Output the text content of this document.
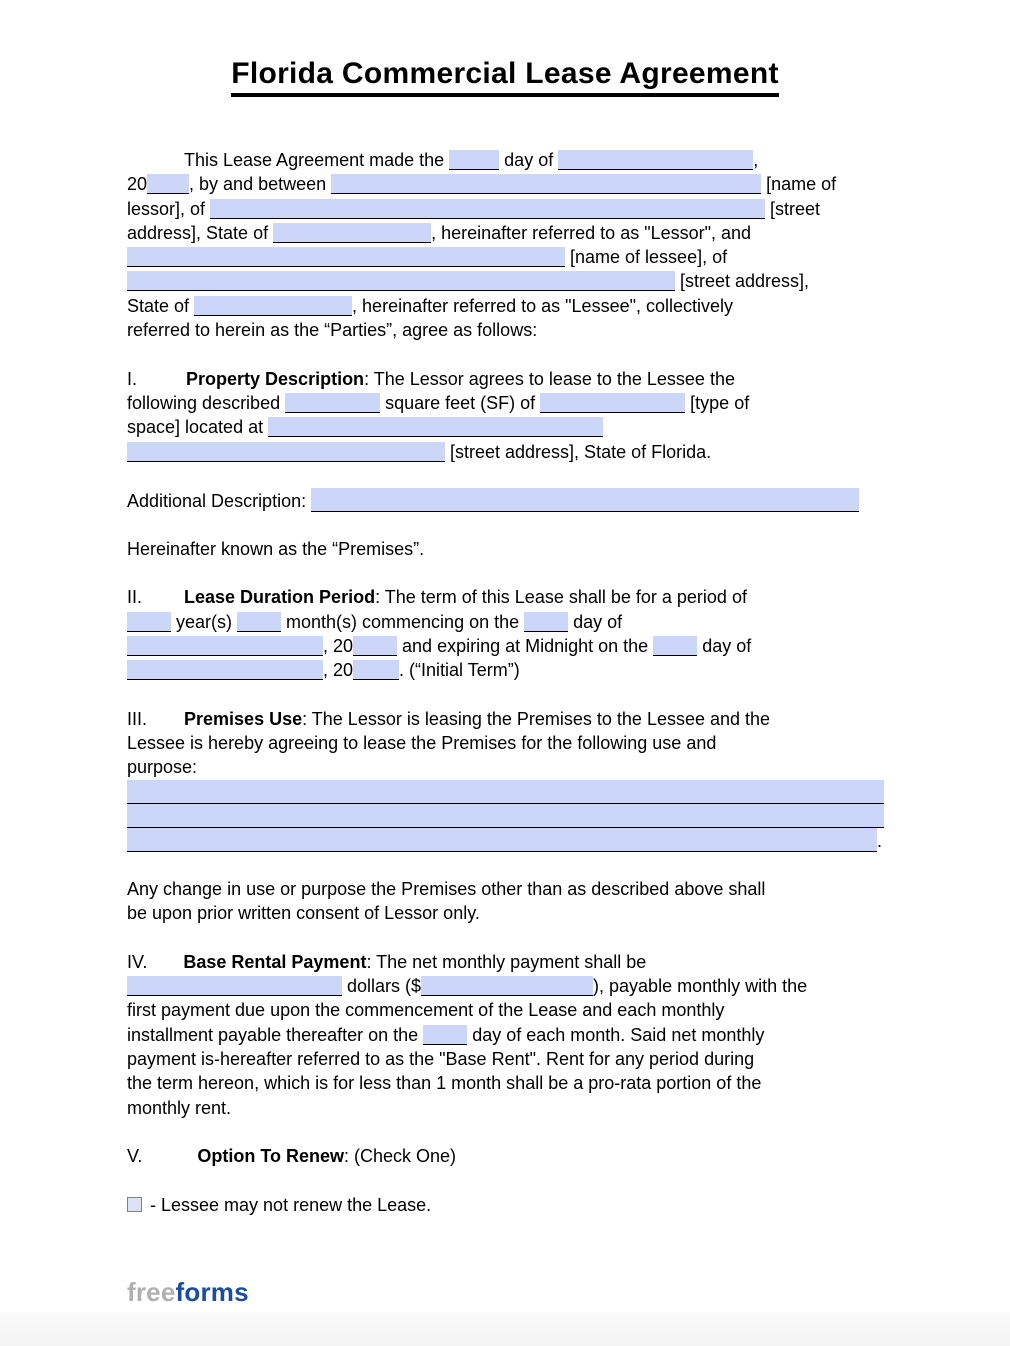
Florida Commercial Lease Agreement
This Lease Agreement made the	day of	,
20 , by and between	[name of
lessor], of	[street
address], State of	, hereinafter referred to as "Lessor", and
[name of lessee], of
[street address],
State of	, hereinafter referred to as "Lessee", collectively
referred to herein as the “Parties”, agree as follows:
I.	Property Description: The Lessor agrees to lease to the Lessee the
following described	square feet (SF) of	[type of
space] located at
[street address], State of Florida.
Additional Description:
Hereinafter known as the “Premises”.
II. Lease Duration Period: The term of this Lease shall be for a period of
year(s)  month(s) commencing on the  day of
, 20 and expiring at Midnight on the  day of
, 20	. (“Initial Term”)
III. Premises Use: The Lessor is leasing the Premises to the Lessee and the
Lessee is hereby agreeing to lease the Premises for the following use and
purpose:
.
Any change in use or purpose the Premises other than as described above shall
be upon prior written consent of Lessor only.
IV. Base Rental Payment: The net monthly payment shall be
dollars ($	), payable monthly with the
first payment due upon the commencement of the Lease and each monthly
installment payable thereafter on the  day of each month. Said net monthly
payment is-hereafter referred to as the "Base Rent". Rent for any period during
the term hereon, which is for less than 1 month shall be a pro-rata portion of the
monthly rent.
V.	Option To Renew: (Check One)
- Lessee may not renew the Lease.
freeforms
